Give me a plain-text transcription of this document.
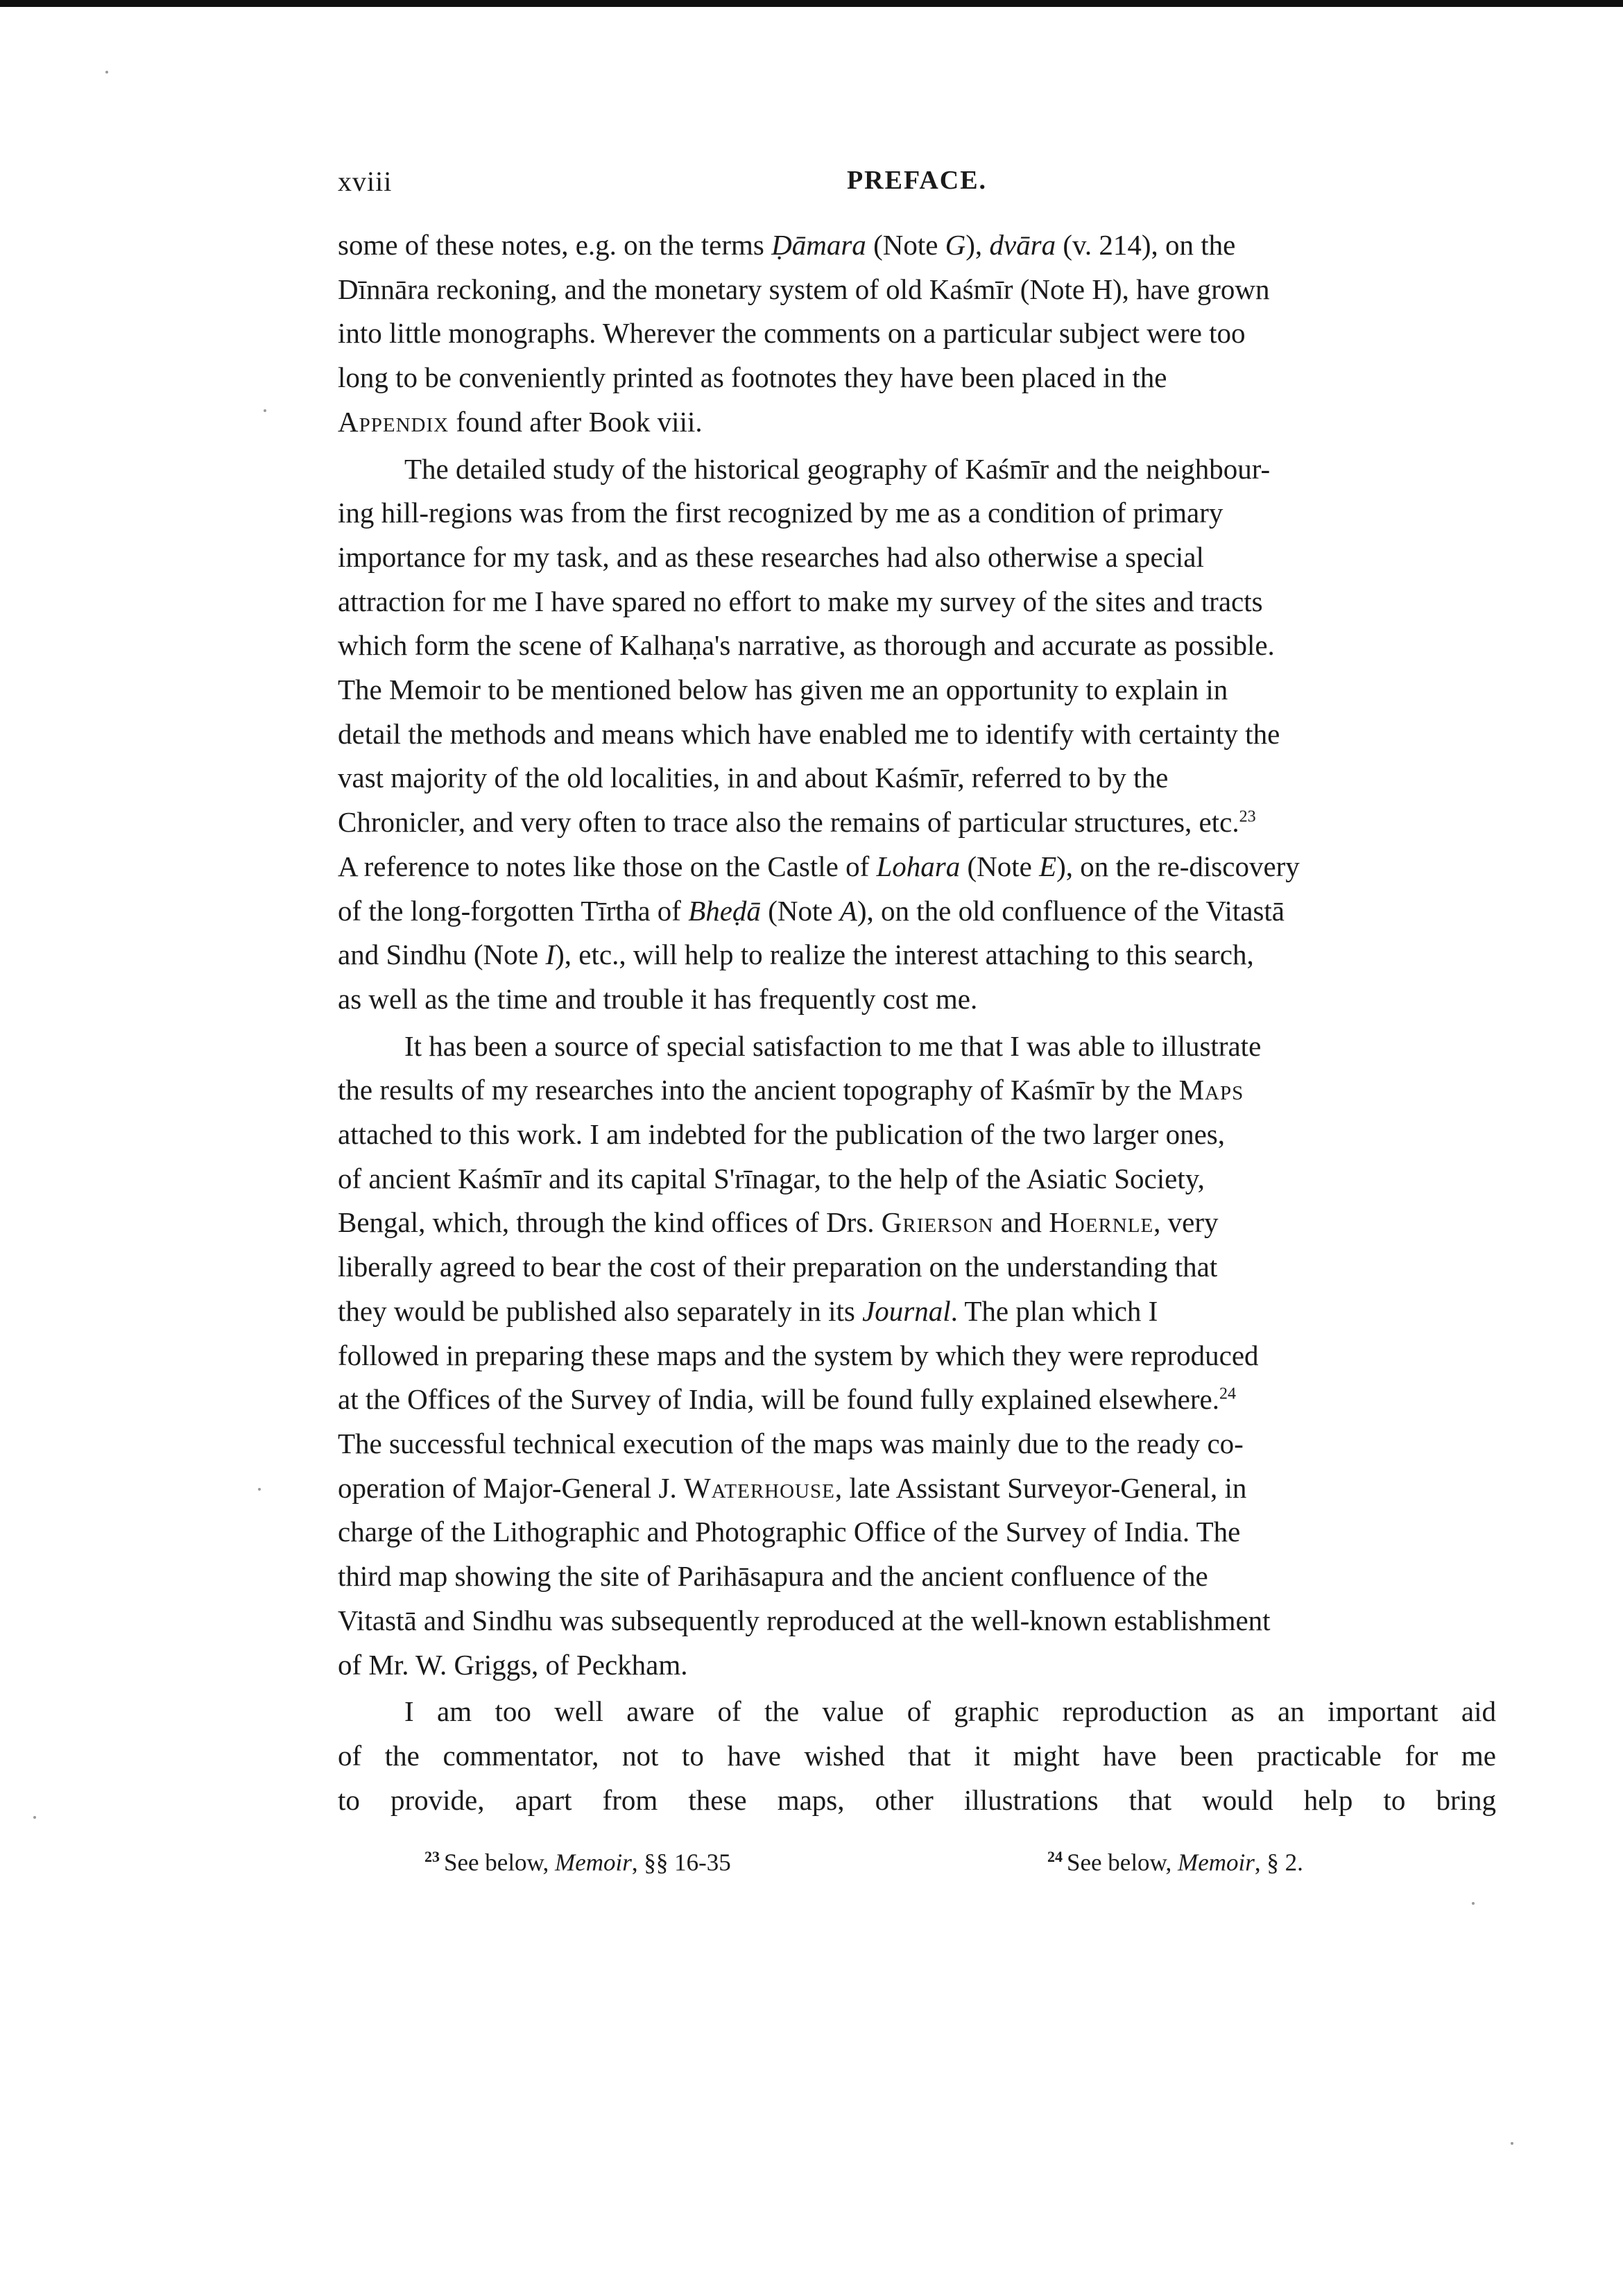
xviii	PREFACE.

some of these notes, e.g. on the terms Ḍāmara (Note G), dvāra (v. 214), on the
Dīnnāra reckoning, and the monetary system of old Kaśmīr (Note H), have grown
into little monographs. Wherever the comments on a particular subject were too
long to be conveniently printed as footnotes they have been placed in the
Appendix found after Book viii.

The detailed study of the historical geography of Kaśmīr and the neighbour-
ing hill-regions was from the first recognized by me as a condition of primary
importance for my task, and as these researches had also otherwise a special
attraction for me I have spared no effort to make my survey of the sites and tracts
which form the scene of Kalhaṇa's narrative, as thorough and accurate as possible.
The Memoir to be mentioned below has given me an opportunity to explain in
detail the methods and means which have enabled me to identify with certainty the
vast majority of the old localities, in and about Kaśmīr, referred to by the
Chronicler, and very often to trace also the remains of particular structures, etc.$^{23}$
A reference to notes like those on the Castle of Lohara (Note E), on the re-discovery
of the long-forgotten Tīrtha of Bheḍā (Note A), on the old confluence of the Vitastā
and Sindhu (Note I), etc., will help to realize the interest attaching to this search,
as well as the time and trouble it has frequently cost me.

It has been a source of special satisfaction to me that I was able to illustrate
the results of my researches into the ancient topography of Kaśmīr by the Maps
attached to this work. I am indebted for the publication of the two larger ones,
of ancient Kaśmīr and its capital S'rīnagar, to the help of the Asiatic Society,
Bengal, which, through the kind offices of Drs. Grierson and Hoernle, very
liberally agreed to bear the cost of their preparation on the understanding that
they would be published also separately in its Journal. The plan which I
followed in preparing these maps and the system by which they were reproduced
at the Offices of the Survey of India, will be found fully explained elsewhere.$^{24}$
The successful technical execution of the maps was mainly due to the ready co-
operation of Major-General J. Waterhouse, late Assistant Surveyor-General, in
charge of the Lithographic and Photographic Office of the Survey of India. The
third map showing the site of Parihāsapura and the ancient confluence of the
Vitastā and Sindhu was subsequently reproduced at the well-known establishment
of Mr. W. Griggs, of Peckham.

I am too well aware of the value of graphic reproduction as an important aid
of the commentator, not to have wished that it might have been practicable for me
to provide, apart from these maps, other illustrations that would help to bring

$^{23}$ See below, Memoir, §§ 16-35	$^{24}$ See below, Memoir, § 2.
